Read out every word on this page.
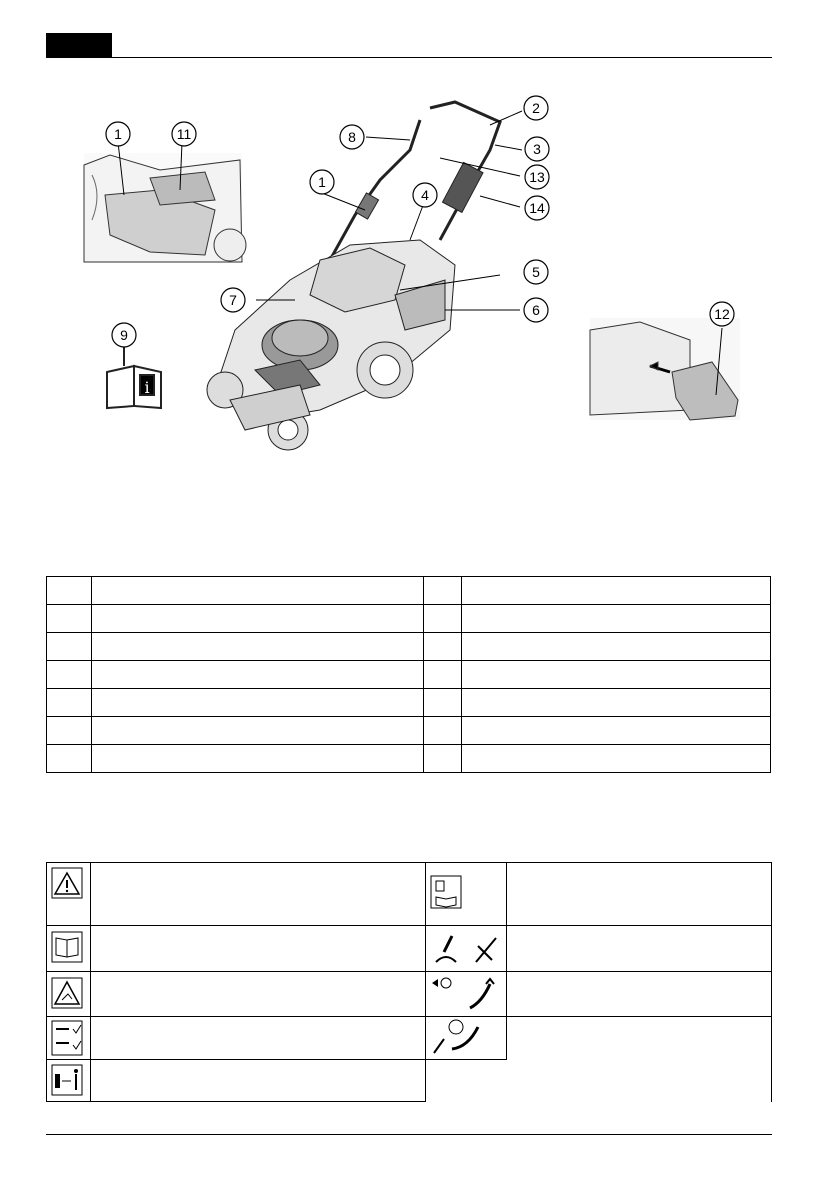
i
1	11
1
2
3
4
5
6
7
8
9
12
13
14
